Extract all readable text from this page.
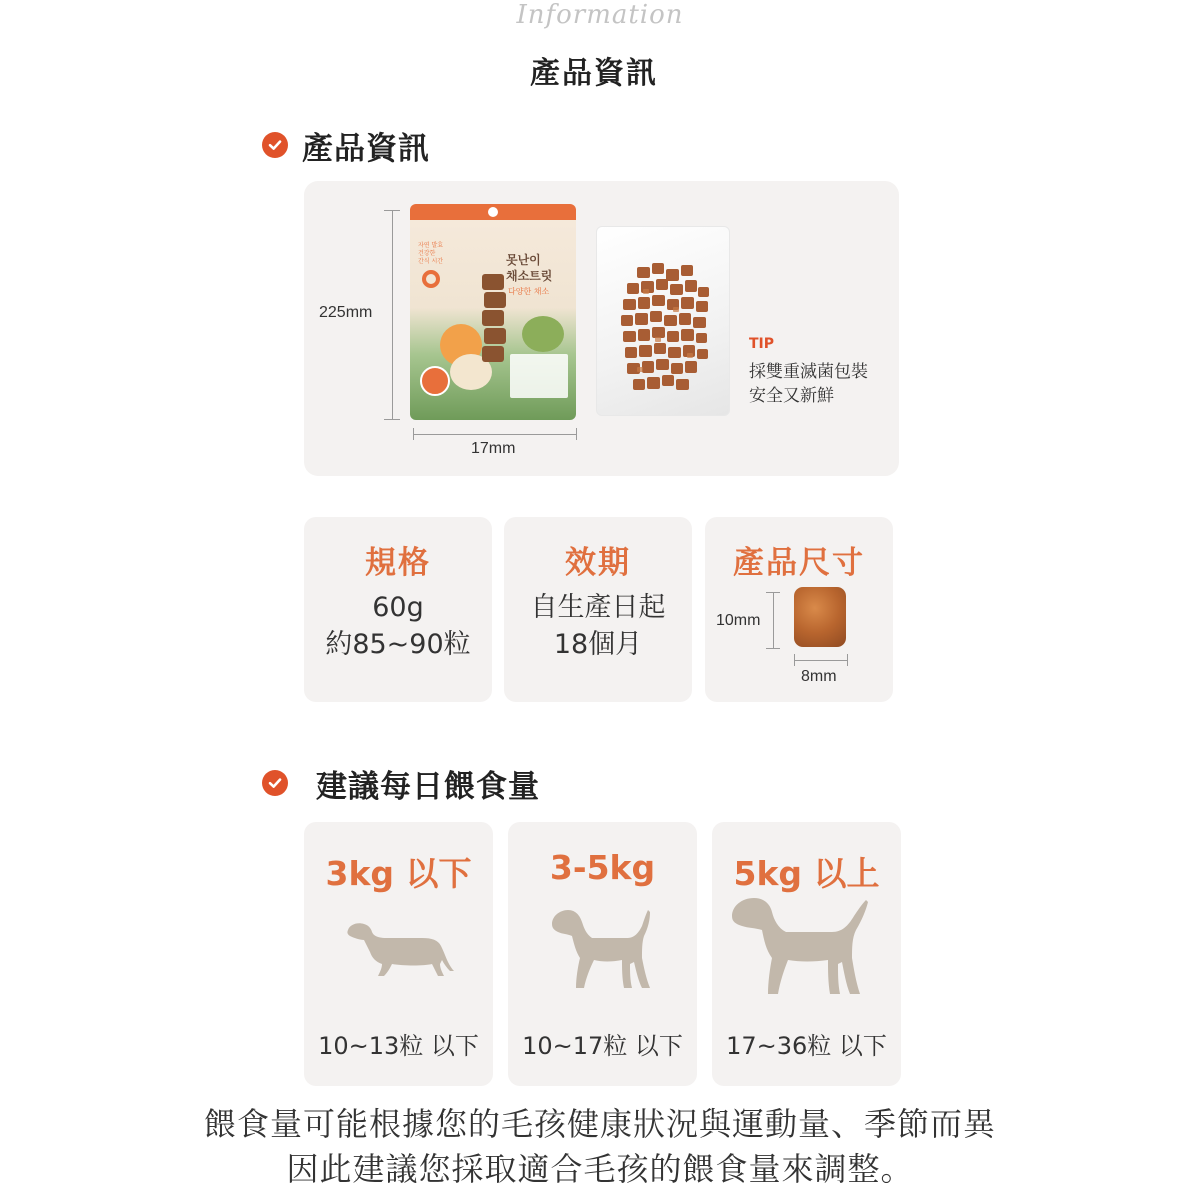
Information
產品資訊
產品資訊
225mm
자연 발효
건강한
간식 시간	못난이
채소트릿
다양한 채소
17mm
TIP
採雙重滅菌包裝
安全又新鮮
規格
60g
約85~90粒
效期
自生產日起
18個月
產品尺寸
10mm
8mm
建議每日餵食量
3kg 以下
10~13粒 以下
3-5kg
10~17粒 以下
5kg 以上
17~36粒 以下
餵食量可能根據您的毛孩健康狀況與運動量、季節而異
因此建議您採取適合毛孩的餵食量來調整。
